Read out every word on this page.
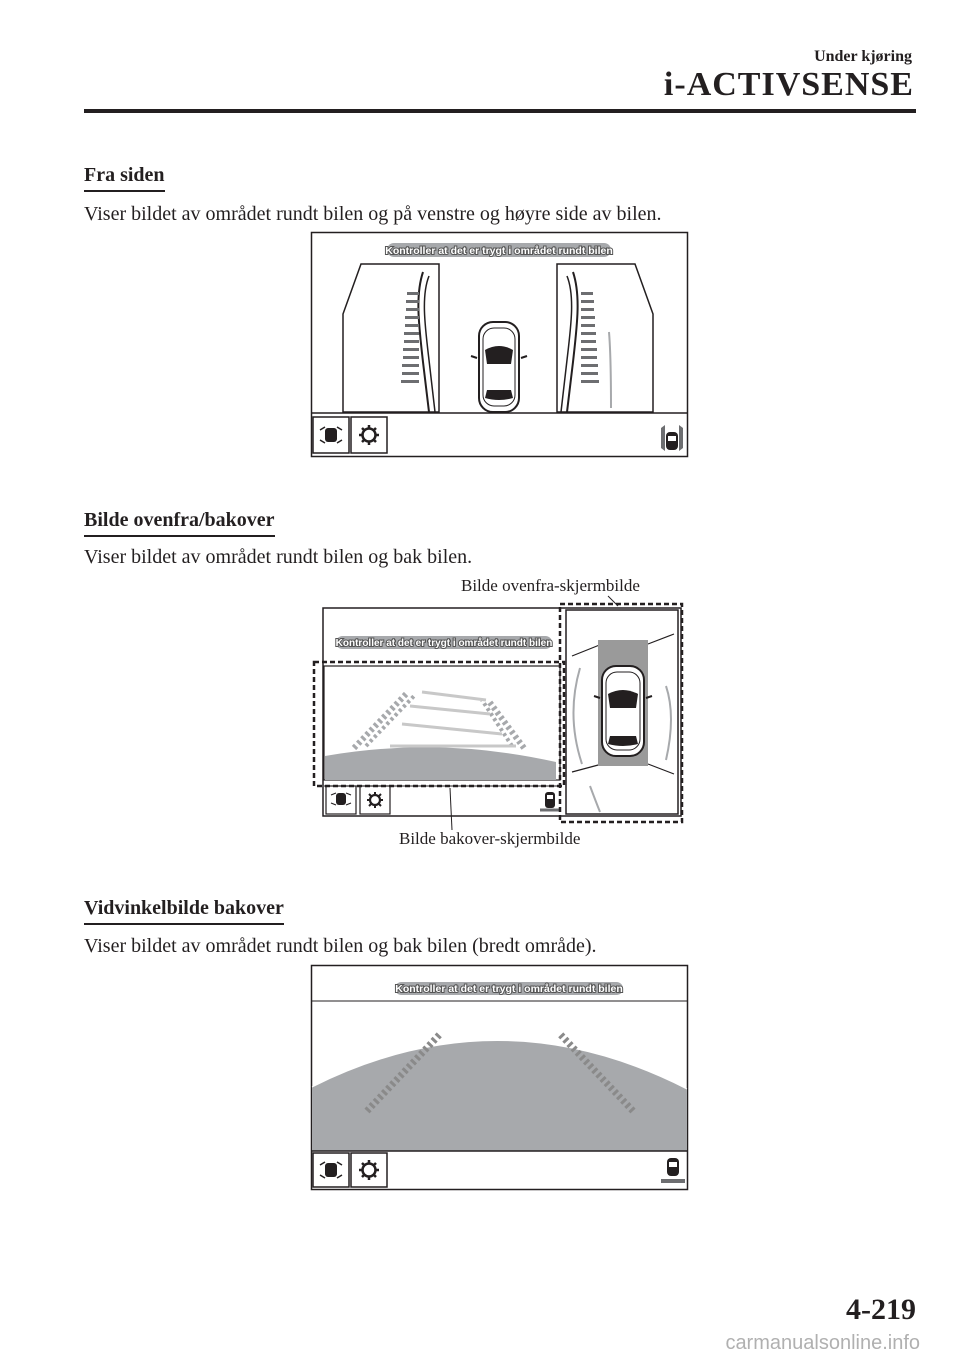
Under kjøring
i-ACTIVSENSE
Fra siden
Viser bildet av området rundt bilen og på venstre og høyre side av bilen.
Kontroller at det er trygt i området rundt bilen
Bilde ovenfra/bakover
Viser bildet av området rundt bilen og bak bilen.
Bilde ovenfra-skjermbilde
Kontroller at det er trygt i området rundt bilen
Bilde bakover-skjermbilde
Vidvinkelbilde bakover
Viser bildet av området rundt bilen og bak bilen (bredt område).
Kontroller at det er trygt i området rundt bilen
4-219
carmanualsonline.info
